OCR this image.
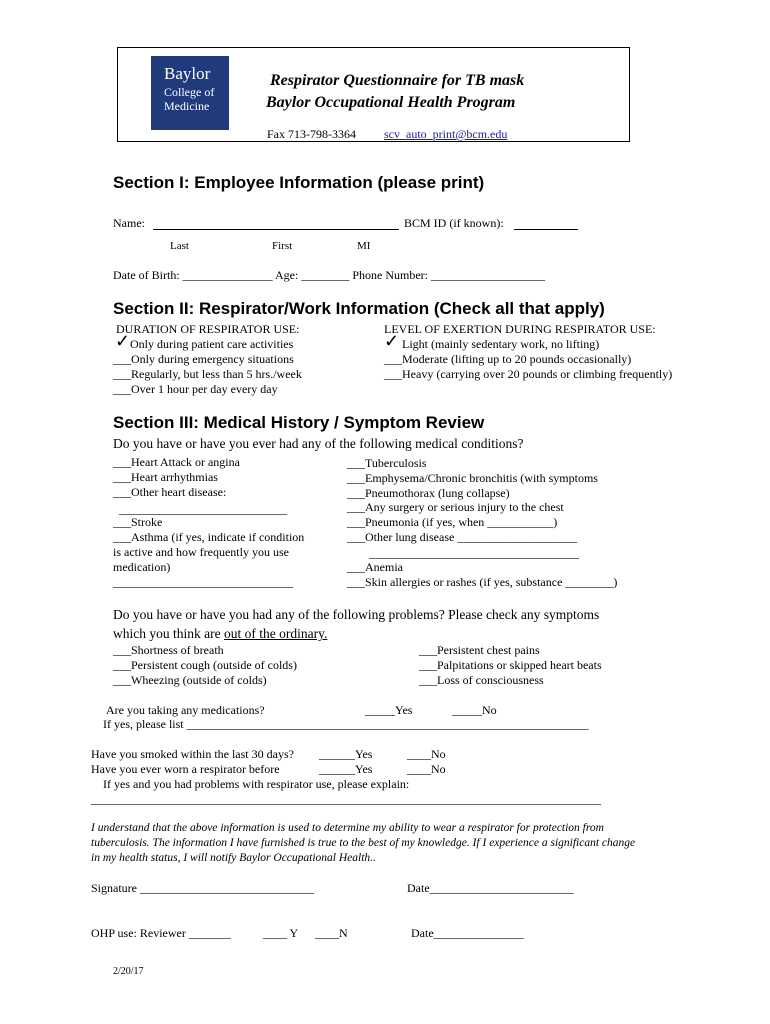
Baylor
College of
Medicine
Respirator Questionnaire for TB mask
Baylor Occupational Health Program
Fax 713-798-3364 scv_auto_print@bcm.edu
Section I: Employee Information (please print)
Name:	BCM ID (if known):
Last	First	MI
Date of Birth: _______________ Age: ________ Phone Number: ___________________
Section II: Respirator/Work Information (Check all that apply)
DURATION OF RESPIRATOR USE:
✓ Only during patient care activities
___Only during emergency situations
___Regularly, but less than 5 hrs./week
___Over 1 hour per day every day
LEVEL OF EXERTION DURING RESPIRATOR USE:
✓ Light (mainly sedentary work, no lifting)
___Moderate (lifting up to 20 pounds occasionally)
___Heavy (carrying over 20 pounds or climbing frequently)
Section III: Medical History / Symptom Review
Do you have or have you ever had any of the following medical conditions?
___Heart Attack or angina
___Heart arrhythmias
___Other heart disease:
____________________________
___Stroke
___Asthma (if yes, indicate if condition
is active and how frequently you use
medication)
______________________________
___Tuberculosis
___Emphysema/Chronic bronchitis (with symptoms
___Pneumothorax (lung collapse)
___Any surgery or serious injury to the chest
___Pneumonia (if yes, when ___________)
___Other lung disease ____________________
___________________________________
___Anemia
___Skin allergies or rashes (if yes, substance ________)
Do you have or have you had any of the following problems? Please check any symptoms
which you think are out of the ordinary.
___Shortness of breath
___Persistent cough (outside of colds)
___Wheezing (outside of colds)
___Persistent chest pains
___Palpitations or skipped heart beats
___Loss of consciousness
Are you taking any medications?	_____Yes	_____No
If yes, please list ___________________________________________________________________
Have you smoked within the last 30 days? ______Yes	____No
Have you ever worn a respirator before	______Yes	____No
If yes and you had problems with respirator use, please explain:
_____________________________________________________________________________________
I understand that the above information is used to determine my ability to wear a respirator for protection from
tuberculosis. The information I have furnished is true to the best of my knowledge. If I experience a significant change
in my health status, I will notify Baylor Occupational Health..
Signature _____________________________	Date________________________
OHP use: Reviewer _______	____ Y ____N	Date_______________
2/20/17
